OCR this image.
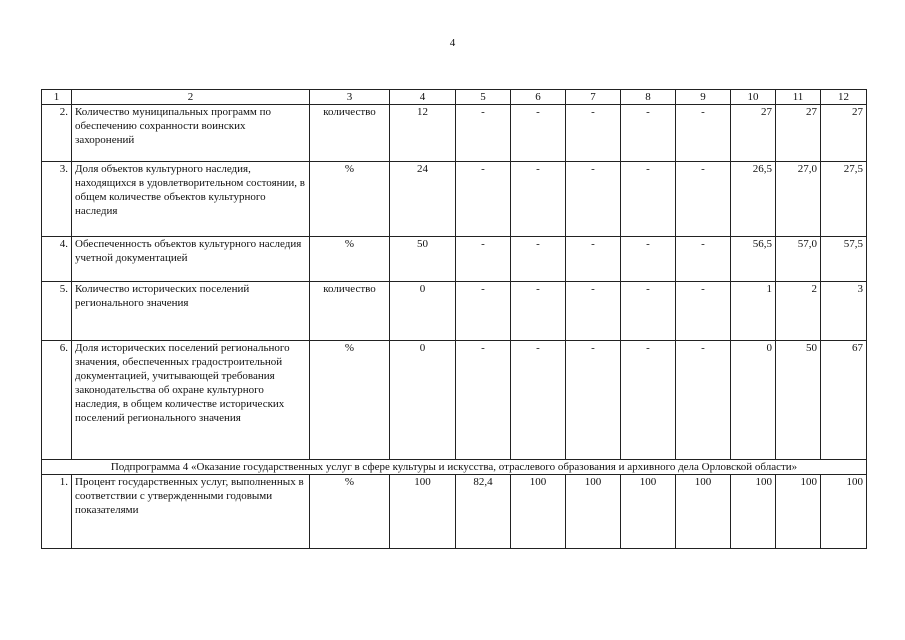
4
1	2	3	4	5	6	7	8	9	10	11	12
2.	Количество муниципальных программ по обеспечению сохранности воинских захоронений	количество	12	-	-	-	-	-	27	27	27
3.	Доля объектов культурного наследия, находящихся в удовлетворительном состоянии, в общем количестве объектов культурного наследия	%	24	-	-	-	-	-	26,5	27,0	27,5
4.	Обеспеченность объектов культурного наследия учетной документацией	%	50	-	-	-	-	-	56,5	57,0	57,5
5.	Количество исторических поселений регионального значения	количество	0	-	-	-	-	-	1	2	3
6.	Доля исторических поселений регионального значения, обеспеченных градостроительной документацией, учитывающей требования законодательства об охране культурного наследия, в общем количестве исторических поселений регионального значения	%	0	-	-	-	-	-	0	50	67
Подпрограмма 4 «Оказание государственных услуг в сфере культуры и искусства, отраслевого образования и архивного дела Орловской области»											
1.	Процент государственных услуг, выполненных в соответствии с утвержденными годовыми показателями	%	100	82,4	100	100	100	100	100	100	100
